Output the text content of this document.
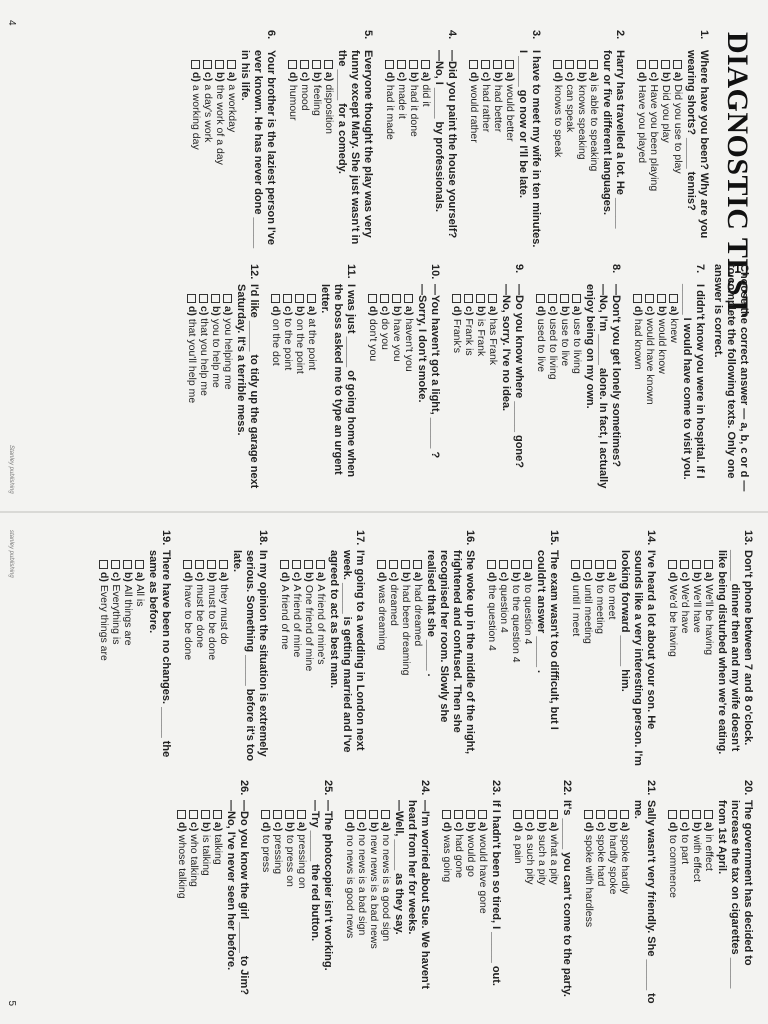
DIAGNOSTIC TEST
Choose the correct answer — a, b, c or d — to complete the following texts. Only one answer is correct.
1.
Where have you been? Why are you wearing shorts? _____ tennis?
a)
Did you use to play
b)
Did you play
c)
Have you been playing
d)
Have you played
2.
Harry has travelled a lot. He _____ four or five different languages.
a)
is able to speaking
b)
knows speaking
c)
can speak
d)
knows to speak
3.
I have to meet my wife in ten minutes.
I _____ go now or I'll be late.
a)
would better
b)
had better
c)
had rather
d)
would rather
4.
—Did you paint the house yourself?
—No, I _____ by professionals.
a)
did it
b)
had it done
c)
made it
d)
had it made
5.
Everyone thought the play was very funny except Mary. She just wasn't in the _____ for a comedy.
a)
disposition
b)
feeling
c)
mood
d)
humour
6.
Your brother is the laziest person I've ever known. He has never done _____ in his life.
a)
a workday
b)
the work of a day
c)
a day's work
d)
a working day
7.
I didn't know you were in hospital. If I _____ I would have come to visit you.
a)
knew
b)
would know
c)
would have known
d)
had known
8.
—Don't you get lonely sometimes?
—No, I'm _____ alone. In fact, I actually enjoy being on my own.
a)
use to living
b)
use to live
c)
used to living
d)
used to live
9.
—Do you know where _____ gone?
—No, sorry. I've no idea.
a)
has Frank
b)
is Frank
c)
Frank is
d)
Frank's
10.
—You haven't got a light, _____ ?
—Sorry, I don't smoke.
a)
haven't you
b)
have you
c)
do you
d)
don't you
11.
I was just _____ of going home when the boss asked me to type an urgent letter.
a)
at the point
b)
on the point
c)
to the point
d)
on the dot
12.
I'd like _____ to tidy up the garage next Saturday. It's a terrible mess.
a)
you helping me
b)
you to help me
c)
that you help me
d)
that you'll help me
4
Stanley publishing
13.
Don't phone between 7 and 8 o'clock. _____ dinner then and my wife doesn't like being disturbed when we're eating.
a)
We'll be having
b)
We'll have
c)
We'd have
d)
We'd be having
14.
I've heard a lot about your son. He sounds like a very interesting person. I'm looking forward _____ him.
a)
to meet
b)
to meeting
c)
until meeting
d)
until I meet
15.
The exam wasn't too difficult, but I couldn't answer _____ .
a)
to question 4
b)
to the question 4
c)
question 4
d)
the question 4
16.
She woke up in the middle of the night, frightened and confused. Then she recognised her room. Slowly she realised that she _____ .
a)
had dreamed
b)
had been dreaming
c)
dreamed
d)
was dreaming
17.
I'm going to a wedding in London next week. _____ is getting married and I've agreed to act as best man.
a)
A friend of mine's
b)
One friend of mine
c)
A friend of mine
d)
A friend of me
18.
In my opinion the situation is extremely serious. Something _____ before it's too late.
a)
they must do
b)
must to be done
c)
must be done
d)
have to be done
19.
There have been no changes. _____ the same as before.
a)
All is
b)
All things are
c)
Everything is
d)
Every things are
20.
The government has decided to increase the tax on cigarettes _____ from 1st April.
a)
in effect
b)
with effect
c)
to part
d)
to commence
21.
Sally wasn't very friendly. She _____ to me.
a)
spoke hardly
b)
hardly spoke
c)
spoke hard
d)
spoke with hardless
22.
It's _____ you can't come to the party.
a)
what a pity
b)
such a pity
c)
a such pity
d)
a pain
23.
If I hadn't been so tired, I _____ out.
a)
would have gone
b)
would go
c)
had gone
d)
was going
24.
—I'm worried about Sue. We haven't heard from her for weeks.
—Well, _____ as they say.
a)
no news is a good sign
b)
new news is a bad news
c)
no news is a bad sign
d)
no news is good news
25.
—The photocopier isn't working.
—Try _____ the red button.
a)
pressing on
b)
to press on
c)
pressing
d)
to press
26.
—Do you know the girl _____ to Jim?
—No, I've never seen her before.
a)
talking
b)
is talking
c)
who talking
d)
whose talking
5
stanley publishing
